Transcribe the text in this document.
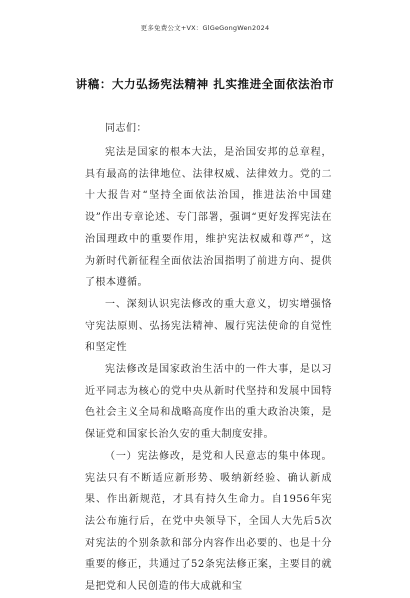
更多免费公文+VX：GlGeGongWen2024
讲稿：大力弘扬宪法精神 扎实推进全面依法治市

同志们：

宪法是国家的根本大法，是治国安邦的总章程，具有最高的法律地位、法律权威、法律效力。党的二十大报告对“坚持全面依法治国，推进法治中国建设”作出专章论述、专门部署，强调“更好发挥宪法在治国理政中的重要作用，维护宪法权威和尊严”，这为新时代新征程全面依法治国指明了前进方向、提供了根本遵循。

一、深刻认识宪法修改的重大意义，切实增强恪守宪法原则、弘扬宪法精神、履行宪法使命的自觉性和坚定性

宪法修改是国家政治生活中的一件大事，是以习近平同志为核心的党中央从新时代坚持和发展中国特色社会主义全局和战略高度作出的重大政治决策，是保证党和国家长治久安的重大制度安排。

（一）宪法修改，是党和人民意志的集中体现。宪法只有不断适应新形势、吸纳新经验、确认新成果、作出新规范，才具有持久生命力。自1956年宪法公布施行后，在党中央领导下，全国人大先后5次对宪法的个别条款和部分内容作出必要的、也是十分重要的修正，共通过了52条宪法修正案，主要目的就是把党和人民创造的伟大成就和宝
